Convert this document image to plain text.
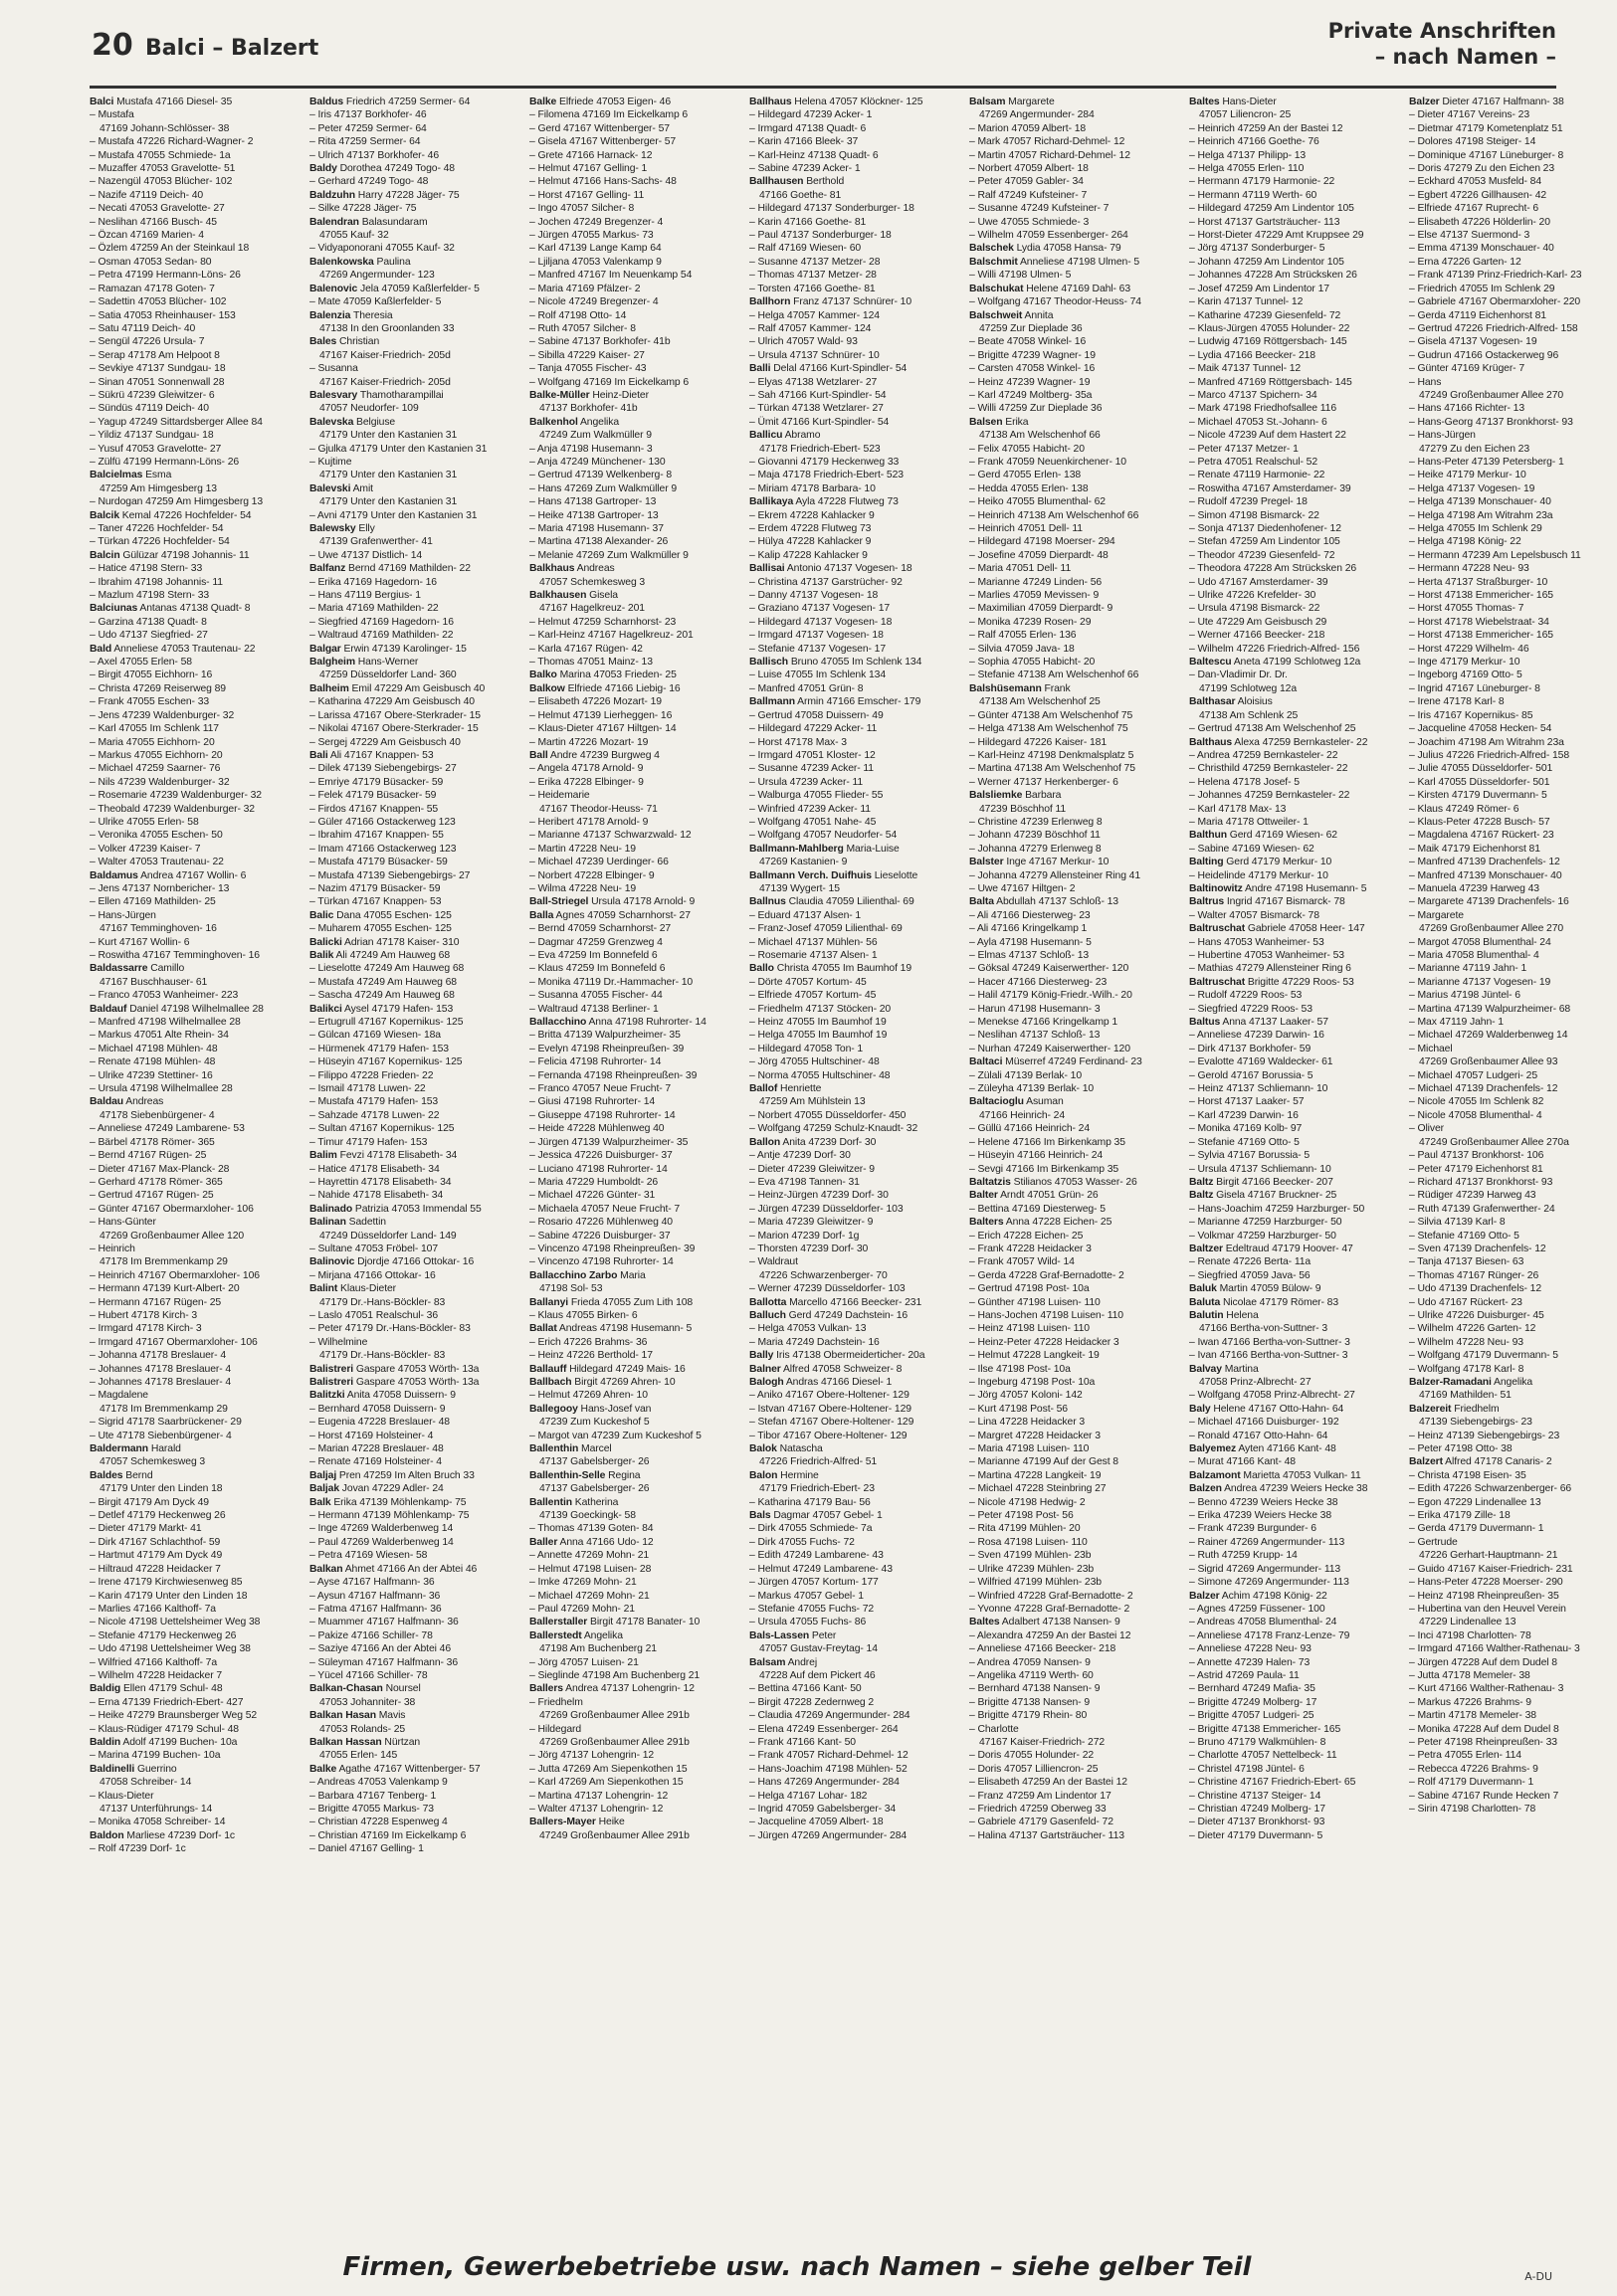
20 Balci – Balzert
Private Anschriften
– nach Namen –
Balci Mustafa 47166 Diesel- 35
– Mustafa
47169 Johann-Schlösser- 38
– Mustafa 47226 Richard-Wagner- 2
– Mustafa 47055 Schmiede- 1a
– Muzaffer 47053 Gravelotte- 51
– Nazengül 47053 Blücher- 102
– Nazife 47119 Deich- 40
– Necati 47053 Gravelotte- 27
– Neslihan 47166 Busch- 45
– Özcan 47169 Marien- 4
– Özlem 47259 An der Steinkaul 18
– Osman 47053 Sedan- 80
– Petra 47199 Hermann-Löns- 26
– Ramazan 47178 Goten- 7
– Sadettin 47053 Blücher- 102
– Satia 47053 Rheinhauser- 153
– Satu 47119 Deich- 40
– Sengül 47226 Ursula- 7
– Serap 47178 Am Helpoot 8
– Sevkiye 47137 Sundgau- 18
– Sinan 47051 Sonnenwall 28
– Sükrü 47239 Gleiwitzer- 6
– Sündüs 47119 Deich- 40
– Yagup 47249 Sittardsberger Allee 84
– Yildiz 47137 Sundgau- 18
– Yusuf 47053 Gravelotte- 27
– Zülfü 47199 Hermann-Löns- 26
Balcielmas Esma
47259 Am Himgesberg 13
– Nurdogan 47259 Am Himgesberg 13
Balcik Kemal 47226 Hochfelder- 54
– Taner 47226 Hochfelder- 54
– Türkan 47226 Hochfelder- 54
Balcin Gülüzar 47198 Johannis- 11
– Hatice 47198 Stern- 33
– Ibrahim 47198 Johannis- 11
– Mazlum 47198 Stern- 33
Balciunas Antanas 47138 Quadt- 8
– Garzina 47138 Quadt- 8
– Udo 47137 Siegfried- 27
Bald Anneliese 47053 Trautenau- 22
– Axel 47055 Erlen- 58
– Birgit 47055 Eichhorn- 16
– Christa 47269 Reiserweg 89
– Frank 47055 Eschen- 33
– Jens 47239 Waldenburger- 32
– Karl 47055 Im Schlenk 117
– Maria 47055 Eichhorn- 20
– Markus 47055 Eichhorn- 20
– Michael 47259 Saarner- 76
– Nils 47239 Waldenburger- 32
– Rosemarie 47239 Waldenburger- 32
– Theobald 47239 Waldenburger- 32
– Ulrike 47055 Erlen- 58
– Veronika 47055 Eschen- 50
– Volker 47239 Kaiser- 7
– Walter 47053 Trautenau- 22
Baldamus Andrea 47167 Wollin- 6
– Jens 47137 Nornbericher- 13
– Ellen 47169 Mathilden- 25
– Hans-Jürgen
47167 Temminghoven- 16
– Kurt 47167 Wollin- 6
– Roswitha 47167 Temminghoven- 16
Baldassarre Camillo
47167 Buschhauser- 61
– Franco 47053 Wanheimer- 223
Baldauf Daniel 47198 Wilhelmallee 28
– Manfred 47198 Wilhelmallee 28
– Markus 47051 Alte Rhein- 34
– Michael 47198 Mühlen- 48
– Renate 47198 Mühlen- 48
– Ulrike 47239 Stettiner- 16
– Ursula 47198 Wilhelmallee 28
Baldau Andreas
47178 Siebenbürgener- 4
– Anneliese 47249 Lambarene- 53
– Bärbel 47178 Römer- 365
– Bernd 47167 Rügen- 25
– Dieter 47167 Max-Planck- 28
– Gerhard 47178 Römer- 365
– Gertrud 47167 Rügen- 25
– Günter 47167 Obermarxloher- 106
– Hans-Günter
47269 Großenbaumer Allee 120
– Heinrich
47178 Im Bremmenkamp 29
– Heinrich 47167 Obermarxloher- 106
– Hermann 47139 Kurt-Albert- 20
– Hermann 47167 Rügen- 25
– Hubert 47178 Kirch- 3
– Irmgard 47178 Kirch- 3
– Irmgard 47167 Obermarxloher- 106
– Johanna 47178 Breslauer- 4
– Johannes 47178 Breslauer- 4
– Johannes 47178 Breslauer- 4
– Magdalene
47178 Im Bremmenkamp 29
– Sigrid 47178 Saarbrückener- 29
– Ute 47178 Siebenbürgener- 4
Baldermann Harald
47057 Schemkesweg 3
Baldes Bernd
47179 Unter den Linden 18
– Birgit 47179 Am Dyck 49
– Detlef 47179 Heckenweg 26
– Dieter 47179 Markt- 41
– Dirk 47167 Schlachthof- 59
– Hartmut 47179 Am Dyck 49
– Hiltraud 47228 Heidacker 7
– Irene 47179 Kirchwiesenweg 85
– Karin 47179 Unter den Linden 18
– Marlies 47166 Kalthoff- 7a
– Nicole 47198 Uettelsheimer Weg 38
– Stefanie 47179 Heckenweg 26
– Udo 47198 Uettelsheimer Weg 38
– Wilfried 47166 Kalthoff- 7a
– Wilhelm 47228 Heidacker 7
Baldig Ellen 47179 Schul- 48
– Erna 47139 Friedrich-Ebert- 427
– Heike 47279 Braunsberger Weg 52
– Klaus-Rüdiger 47179 Schul- 48
Baldin Adolf 47199 Buchen- 10a
– Marina 47199 Buchen- 10a
Baldinelli Guerrino
47058 Schreiber- 14
– Klaus-Dieter
47137 Unterführungs- 14
– Monika 47058 Schreiber- 14
Baldon Marliese 47239 Dorf- 1c
– Rolf 47239 Dorf- 1c
Baldus Friedrich 47259 Sermer- 64
– Iris 47137 Borkhofer- 46
– Peter 47259 Sermer- 64
– Rita 47259 Sermer- 64
– Ulrich 47137 Borkhofer- 46
Baldy Dorothea 47249 Togo- 48
– Gerhard 47249 Togo- 48
Baldzuhn Harry 47228 Jäger- 75
– Silke 47228 Jäger- 75
Balendran Balasundaram
47055 Kauf- 32
– Vidyaponorani 47055 Kauf- 32
Balenkowska Paulina
47269 Angermunder- 123
Balenovic Jela 47059 Kaßlerfelder- 5
– Mate 47059 Kaßlerfelder- 5
Balenzia Theresia
47138 In den Groonlanden 33
Bales Christian
47167 Kaiser-Friedrich- 205d
– Susanna
47167 Kaiser-Friedrich- 205d
Balesvary Thamotharampillai
47057 Neudorfer- 109
Balevska Belgiuse
47179 Unter den Kastanien 31
– Gjulka 47179 Unter den Kastanien 31
– Kujtime
47179 Unter den Kastanien 31
Balevski Amit
47179 Unter den Kastanien 31
– Avni 47179 Unter den Kastanien 31
Balewsky Elly
47139 Grafenwerther- 41
– Uwe 47137 Distlich- 14
Balfanz Bernd 47169 Mathilden- 22
– Erika 47169 Hagedorn- 16
– Hans 47119 Bergius- 1
– Maria 47169 Mathilden- 22
– Siegfried 47169 Hagedorn- 16
– Waltraud 47169 Mathilden- 22
Balgar Erwin 47139 Karolinger- 15
Balgheim Hans-Werner
47259 Düsseldorfer Land- 360
Balheim Emil 47229 Am Geisbusch 40
– Katharina 47229 Am Geisbusch 40
– Larissa 47167 Obere-Sterkrader- 15
– Nikolai 47167 Obere-Sterkrader- 15
– Sergej 47229 Am Geisbusch 40
Bali Ali 47167 Knappen- 53
– Dilek 47139 Siebengebirgs- 27
– Emriye 47179 Büsacker- 59
– Felek 47179 Büsacker- 59
– Firdos 47167 Knappen- 55
– Güler 47166 Ostackerweg 123
– Ibrahim 47167 Knappen- 55
– Imam 47166 Ostackerweg 123
– Mustafa 47179 Büsacker- 59
– Mustafa 47139 Siebengebirgs- 27
– Nazim 47179 Büsacker- 59
– Türkan 47167 Knappen- 53
Balic Dana 47055 Eschen- 125
– Muharem 47055 Eschen- 125
Balicki Adrian 47178 Kaiser- 310
Balik Ali 47249 Am Hauweg 68
– Lieselotte 47249 Am Hauweg 68
– Mustafa 47249 Am Hauweg 68
– Sascha 47249 Am Hauweg 68
Balikci Aysel 47179 Hafen- 153
– Ertugrull 47167 Kopernikus- 125
– Gülcan 47169 Wiesen- 18a
– Hürmenek 47179 Hafen- 153
– Hüseyin 47167 Kopernikus- 125
– Filippo 47228 Frieden- 22
– Ismail 47178 Luwen- 22
– Mustafa 47179 Hafen- 153
– Sahzade 47178 Luwen- 22
– Sultan 47167 Kopernikus- 125
– Timur 47179 Hafen- 153
Balim Fevzi 47178 Elisabeth- 34
– Hatice 47178 Elisabeth- 34
– Hayrettin 47178 Elisabeth- 34
– Nahide 47178 Elisabeth- 34
Balinado Patrizia 47053 Immendal 55
Balinan Sadettin
47249 Düsseldorfer Land- 149
– Sultane 47053 Fröbel- 107
Balinovic Djordje 47166 Ottokar- 16
– Mirjana 47166 Ottokar- 16
Balint Klaus-Dieter
47179 Dr.-Hans-Böckler- 83
– Laslo 47051 Realschul- 36
– Peter 47179 Dr.-Hans-Böckler- 83
– Wilhelmine
47179 Dr.-Hans-Böckler- 83
Balistreri Gaspare 47053 Wörth- 13a
Balistreri Gaspare 47053 Wörth- 13a
Balitzki Anita 47058 Duissern- 9
– Bernhard 47058 Duissern- 9
– Eugenia 47228 Breslauer- 48
– Horst 47169 Holsteiner- 4
– Marian 47228 Breslauer- 48
– Renate 47169 Holsteiner- 4
Baljaj Pren 47259 Im Alten Bruch 33
Baljak Jovan 47229 Adler- 24
Balk Erika 47139 Möhlenkamp- 75
– Hermann 47139 Möhlenkamp- 75
– Inge 47269 Walderbenweg 14
– Paul 47269 Walderbenweg 14
– Petra 47169 Wiesen- 58
Balkan Ahmet 47166 An der Abtei 46
– Ayse 47167 Halfmann- 36
– Aysun 47167 Halfmann- 36
– Fatma 47167 Halfmann- 36
– Muammer 47167 Halfmann- 36
– Pakize 47166 Schiller- 78
– Saziye 47166 An der Abtei 46
– Süleyman 47167 Halfmann- 36
– Yücel 47166 Schiller- 78
Balkan-Chasan Noursel
47053 Johanniter- 38
Balkan Hasan Mavis
47053 Rolands- 25
Balkan Hassan Nürtzan
47055 Erlen- 145
Balke Agathe 47167 Wittenberger- 57
– Andreas 47053 Valenkamp 9
– Barbara 47167 Tenberg- 1
– Brigitte 47055 Markus- 73
– Christian 47228 Espenweg 4
– Christian 47169 Im Eickelkamp 6
– Daniel 47167 Gelling- 1
Balke Elfriede 47053 Eigen- 46
– Filomena 47169 Im Eickelkamp 6
– Gerd 47167 Wittenberger- 57
– Gisela 47167 Wittenberger- 57
– Grete 47166 Harnack- 12
– Helmut 47167 Gelling- 1
– Helmut 47166 Hans-Sachs- 48
– Horst 47167 Gelling- 11
– Ingo 47057 Silcher- 8
– Jochen 47249 Bregenzer- 4
– Jürgen 47055 Markus- 73
– Karl 47139 Lange Kamp 64
– Ljiljana 47053 Valenkamp 9
– Manfred 47167 Im Neuenkamp 54
– Maria 47169 Pfälzer- 2
– Nicole 47249 Bregenzer- 4
– Rolf 47198 Otto- 14
– Ruth 47057 Silcher- 8
– Sabine 47137 Borkhofer- 41b
– Sibilla 47229 Kaiser- 27
– Tanja 47055 Fischer- 43
– Wolfgang 47169 Im Eickelkamp 6
Balke-Müller Heinz-Dieter
47137 Borkhofer- 41b
Balkenhol Angelika
47249 Zum Walkmüller 9
– Anja 47198 Husemann- 3
– Anja 47249 Münchener- 130
– Gertrud 47139 Welkenberg- 8
– Hans 47269 Zum Walkmüller 9
– Hans 47138 Gartroper- 13
– Heike 47138 Gartroper- 13
– Maria 47198 Husemann- 37
– Martina 47138 Alexander- 26
– Melanie 47269 Zum Walkmüller 9
Balkhaus Andreas
47057 Schemkesweg 3
Balkhausen Gisela
47167 Hagelkreuz- 201
– Helmut 47259 Scharnhorst- 23
– Karl-Heinz 47167 Hagelkreuz- 201
– Karla 47167 Rügen- 42
– Thomas 47051 Mainz- 13
Balko Marina 47053 Frieden- 25
Balkow Elfriede 47166 Liebig- 16
– Elisabeth 47226 Mozart- 19
– Helmut 47139 Lierheggen- 16
– Klaus-Dieter 47167 Hiltgen- 14
– Martin 47226 Mozart- 19
Ball Andre 47239 Burgweg 4
– Angela 47178 Arnold- 9
– Erika 47228 Elbinger- 9
– Heidemarie
47167 Theodor-Heuss- 71
– Heribert 47178 Arnold- 9
– Marianne 47137 Schwarzwald- 12
– Martin 47228 Neu- 19
– Michael 47239 Uerdinger- 66
– Norbert 47228 Elbinger- 9
– Wilma 47228 Neu- 19
Ball-Striegel Ursula 47178 Arnold- 9
Balla Agnes 47059 Scharnhorst- 27
– Bernd 47059 Scharnhorst- 27
– Dagmar 47259 Grenzweg 4
– Eva 47259 Im Bonnefeld 6
– Klaus 47259 Im Bonnefeld 6
– Monika 47119 Dr.-Hammacher- 10
– Susanna 47055 Fischer- 44
– Waltraud 47138 Berliner- 1
Ballacchino Anna 47198 Ruhrorter- 14
– Britta 47139 Walpurzheimer- 35
– Evelyn 47198 Rheinpreußen- 39
– Felicia 47198 Ruhrorter- 14
– Fernanda 47198 Rheinpreußen- 39
– Franco 47057 Neue Frucht- 7
– Giusi 47198 Ruhrorter- 14
– Giuseppe 47198 Ruhrorter- 14
– Heide 47228 Mühlenweg 40
– Jürgen 47139 Walpurzheimer- 35
– Jessica 47226 Duisburger- 37
– Luciano 47198 Ruhrorter- 14
– Maria 47229 Humboldt- 26
– Michael 47226 Günter- 31
– Michaela 47057 Neue Frucht- 7
– Rosario 47226 Mühlenweg 40
– Sabine 47226 Duisburger- 37
– Vincenzo 47198 Rheinpreußen- 39
– Vincenzo 47198 Ruhrorter- 14
Ballacchino Zarbo Maria
47198 Sol- 53
Ballanyi Frieda 47055 Zum Lith 108
– Klaus 47055 Birken- 6
Ballat Andreas 47198 Husemann- 5
– Erich 47226 Brahms- 36
– Heinz 47226 Berthold- 17
Ballauff Hildegard 47249 Mais- 16
Ballbach Birgit 47269 Ahren- 10
– Helmut 47269 Ahren- 10
Ballegooy Hans-Josef van
47239 Zum Kuckeshof 5
– Margot van 47239 Zum Kuckeshof 5
Ballenthin Marcel
47137 Gabelsberger- 26
Ballenthin-Selle Regina
47137 Gabelsberger- 26
Ballentin Katherina
47139 Goeckingk- 58
– Thomas 47139 Goten- 84
Baller Anna 47166 Udo- 12
– Annette 47269 Mohn- 21
– Helmut 47198 Luisen- 28
– Imke 47269 Mohn- 21
– Michael 47269 Mohn- 21
– Paul 47269 Mohn- 21
Ballerstaller Birgit 47178 Banater- 10
Ballerstedt Angelika
47198 Am Buchenberg 21
– Jörg 47057 Luisen- 21
– Sieglinde 47198 Am Buchenberg 21
Ballers Andrea 47137 Lohengrin- 12
– Friedhelm
47269 Großenbaumer Allee 291b
– Hildegard
47269 Großenbaumer Allee 291b
– Jörg 47137 Lohengrin- 12
– Jutta 47269 Am Siepenkothen 15
– Karl 47269 Am Siepenkothen 15
– Martina 47137 Lohengrin- 12
– Walter 47137 Lohengrin- 12
Ballers-Mayer Heike
47249 Großenbaumer Allee 291b
Ballhaus Helena 47057 Klöckner- 125
– Hildegard 47239 Acker- 1
– Irmgard 47138 Quadt- 6
– Karin 47166 Bleek- 37
– Karl-Heinz 47138 Quadt- 6
– Sabine 47239 Acker- 1
Ballhausen Berthold
47166 Goethe- 81
– Hildegard 47137 Sonderburger- 18
– Karin 47166 Goethe- 81
– Paul 47137 Sonderburger- 18
– Ralf 47169 Wiesen- 60
– Susanne 47137 Metzer- 28
– Thomas 47137 Metzer- 28
– Torsten 47166 Goethe- 81
Ballhorn Franz 47137 Schnürer- 10
– Helga 47057 Kammer- 124
– Ralf 47057 Kammer- 124
– Ulrich 47057 Wald- 93
– Ursula 47137 Schnürer- 10
Balli Delal 47166 Kurt-Spindler- 54
– Elyas 47138 Wetzlarer- 27
– Sah 47166 Kurt-Spindler- 54
– Türkan 47138 Wetzlarer- 27
– Ümit 47166 Kurt-Spindler- 54
Ballicu Abramo
47178 Friedrich-Ebert- 523
– Giovanni 47179 Heckenweg 33
– Maja 47178 Friedrich-Ebert- 523
– Miriam 47178 Barbara- 10
Ballikaya Ayla 47228 Flutweg 73
– Ekrem 47228 Kahlacker 9
– Erdem 47228 Flutweg 73
– Hülya 47228 Kahlacker 9
– Kalip 47228 Kahlacker 9
Ballisai Antonio 47137 Vogesen- 18
– Christina 47137 Garstrücher- 92
– Danny 47137 Vogesen- 18
– Graziano 47137 Vogesen- 17
– Hildegard 47137 Vogesen- 18
– Irmgard 47137 Vogesen- 18
– Stefanie 47137 Vogesen- 17
Ballisch Bruno 47055 Im Schlenk 134
– Luise 47055 Im Schlenk 134
– Manfred 47051 Grün- 8
Ballmann Armin 47166 Emscher- 179
– Gertrud 47058 Duissern- 49
– Hildegard 47229 Acker- 11
– Horst 47178 Max- 3
– Irmgard 47051 Kloster- 12
– Susanne 47239 Acker- 11
– Ursula 47239 Acker- 11
– Walburga 47055 Flieder- 55
– Winfried 47239 Acker- 11
– Wolfgang 47051 Nahe- 45
– Wolfgang 47057 Neudorfer- 54
Ballmann-Mahlberg Maria-Luise
47269 Kastanien- 9
Ballmann Verch. Duifhuis Lieselotte
47139 Wygert- 15
Ballnus Claudia 47059 Lilienthal- 69
– Eduard 47137 Alsen- 1
– Franz-Josef 47059 Lilienthal- 69
– Michael 47137 Mühlen- 56
– Rosemarie 47137 Alsen- 1
Ballo Christa 47055 Im Baumhof 19
– Dörte 47057 Kortum- 45
– Elfriede 47057 Kortum- 45
– Friedhelm 47137 Stöcken- 20
– Heinz 47055 Im Baumhof 19
– Helga 47055 Im Baumhof 19
– Hildegard 47058 Ton- 1
– Jörg 47055 Hultschiner- 48
– Norma 47055 Hultschiner- 48
Ballof Henriette
47259 Am Mühlstein 13
– Norbert 47055 Düsseldorfer- 450
– Wolfgang 47259 Schulz-Knaudt- 32
Ballon Anita 47239 Dorf- 30
– Antje 47239 Dorf- 30
– Dieter 47239 Gleiwitzer- 9
– Eva 47198 Tannen- 31
– Heinz-Jürgen 47239 Dorf- 30
– Jürgen 47239 Düsseldorfer- 103
– Maria 47239 Gleiwitzer- 9
– Marion 47239 Dorf- 1g
– Thorsten 47239 Dorf- 30
– Waldraut
47226 Schwarzenberger- 70
– Werner 47239 Düsseldorfer- 103
Ballotta Marcello 47166 Beecker- 231
Balluch Gerd 47249 Dachstein- 16
– Helga 47053 Vulkan- 13
– Maria 47249 Dachstein- 16
Bally Iris 47138 Obermeiderticher- 20a
Balner Alfred 47058 Schweizer- 8
Balogh Andras 47166 Diesel- 1
– Aniko 47167 Obere-Holtener- 129
– Istvan 47167 Obere-Holtener- 129
– Stefan 47167 Obere-Holtener- 129
– Tibor 47167 Obere-Holtener- 129
Balok Natascha
47226 Friedrich-Alfred- 51
Balon Hermine
47179 Friedrich-Ebert- 23
– Katharina 47179 Bau- 56
Bals Dagmar 47057 Gebel- 1
– Dirk 47055 Schmiede- 7a
– Dirk 47055 Fuchs- 72
– Edith 47249 Lambarene- 43
– Helmut 47249 Lambarene- 43
– Jürgen 47057 Kortum- 177
– Markus 47057 Gebel- 1
– Stefanie 47055 Fuchs- 72
– Ursula 47055 Fuchs- 86
Bals-Lassen Peter
47057 Gustav-Freytag- 14
Balsam Andrej
47228 Auf dem Pickert 46
– Bettina 47166 Kant- 50
– Birgit 47228 Zedernweg 2
– Claudia 47269 Angermunder- 284
– Elena 47249 Essenberger- 264
– Frank 47166 Kant- 50
– Frank 47057 Richard-Dehmel- 12
– Hans-Joachim 47198 Mühlen- 52
– Hans 47269 Angermunder- 284
– Helga 47167 Lohar- 182
– Ingrid 47059 Gabelsberger- 34
– Jacqueline 47059 Albert- 18
– Jürgen 47269 Angermunder- 284
Balsam Margarete
47269 Angermunder- 284
– Marion 47059 Albert- 18
– Mark 47057 Richard-Dehmel- 12
– Martin 47057 Richard-Dehmel- 12
– Norbert 47059 Albert- 18
– Peter 47059 Gabler- 34
– Ralf 47249 Kufsteiner- 7
– Susanne 47249 Kufsteiner- 7
– Uwe 47055 Schmiede- 3
– Wilhelm 47059 Essenberger- 264
Balschek Lydia 47058 Hansa- 79
Balschmit Anneliese 47198 Ulmen- 5
– Willi 47198 Ulmen- 5
Balschukat Helene 47169 Dahl- 63
– Wolfgang 47167 Theodor-Heuss- 74
Balschweit Annita
47259 Zur Dieplade 36
– Beate 47058 Winkel- 16
– Brigitte 47239 Wagner- 19
– Carsten 47058 Winkel- 16
– Heinz 47239 Wagner- 19
– Karl 47249 Moltberg- 35a
– Willi 47259 Zur Dieplade 36
Balsen Erika
47138 Am Welschenhof 66
– Felix 47055 Habicht- 20
– Frank 47059 Neuenkirchener- 10
– Gerd 47055 Erlen- 138
– Hedda 47055 Erlen- 138
– Heiko 47055 Blumenthal- 62
– Heinrich 47138 Am Welschenhof 66
– Heinrich 47051 Dell- 11
– Hildegard 47198 Moerser- 294
– Josefine 47059 Dierpardt- 48
– Maria 47051 Dell- 11
– Marianne 47249 Linden- 56
– Marlies 47059 Mevissen- 9
– Maximilian 47059 Dierpardt- 9
– Monika 47239 Rosen- 29
– Ralf 47055 Erlen- 136
– Silvia 47059 Java- 18
– Sophia 47055 Habicht- 20
– Stefanie 47138 Am Welschenhof 66
Balshüsemann Frank
47138 Am Welschenhof 25
– Günter 47138 Am Welschenhof 75
– Helga 47138 Am Welschenhof 75
– Hildegard 47226 Kaiser- 181
– Karl-Heinz 47198 Denkmalsplatz 5
– Martina 47138 Am Welschenhof 75
– Werner 47137 Herkenberger- 6
Balsliemke Barbara
47239 Böschhof 11
– Christine 47239 Erlenweg 8
– Johann 47239 Böschhof 11
– Johanna 47279 Erlenweg 8
Balster Inge 47167 Merkur- 10
– Johanna 47279 Allensteiner Ring 41
– Uwe 47167 Hiltgen- 2
Balta Abdullah 47137 Schloß- 13
– Ali 47166 Diesterweg- 23
– Ali 47166 Kringelkamp 1
– Ayla 47198 Husemann- 5
– Elmas 47137 Schloß- 13
– Göksal 47249 Kaiserwerther- 120
– Hacer 47166 Diesterweg- 23
– Halil 47179 König-Friedr.-Wilh.- 20
– Harun 47198 Husemann- 3
– Menekse 47166 Kringelkamp 1
– Neslihan 47137 Schloß- 13
– Nurhan 47249 Kaiserwerther- 120
Baltaci Müserref 47249 Ferdinand- 23
– Zülali 47139 Berlak- 10
– Züleyha 47139 Berlak- 10
Baltacioglu Asuman
47166 Heinrich- 24
– Güllü 47166 Heinrich- 24
– Helene 47166 Im Birkenkamp 35
– Hüseyin 47166 Heinrich- 24
– Sevgi 47166 Im Birkenkamp 35
Baltatzis Stilianos 47053 Wasser- 26
Balter Arndt 47051 Grün- 26
– Bettina 47169 Diesterweg- 5
Balters Anna 47228 Eichen- 25
– Erich 47228 Eichen- 25
– Frank 47228 Heidacker 3
– Frank 47057 Wild- 14
– Gerda 47228 Graf-Bernadotte- 2
– Gertrud 47198 Post- 10a
– Günther 47198 Luisen- 110
– Hans-Jochen 47198 Luisen- 110
– Heinz 47198 Luisen- 110
– Heinz-Peter 47228 Heidacker 3
– Helmut 47228 Langkeit- 19
– Ilse 47198 Post- 10a
– Ingeburg 47198 Post- 10a
– Jörg 47057 Koloni- 142
– Kurt 47198 Post- 56
– Lina 47228 Heidacker 3
– Margret 47228 Heidacker 3
– Maria 47198 Luisen- 110
– Marianne 47199 Auf der Gest 8
– Martina 47228 Langkeit- 19
– Michael 47228 Steinbring 27
– Nicole 47198 Hedwig- 2
– Peter 47198 Post- 56
– Rita 47199 Mühlen- 20
– Rosa 47198 Luisen- 110
– Sven 47199 Mühlen- 23b
– Ulrike 47239 Mühlen- 23b
– Wilfried 47199 Mühlen- 23b
– Winfried 47228 Graf-Bernadotte- 2
– Yvonne 47228 Graf-Bernadotte- 2
Baltes Adalbert 47138 Nansen- 9
– Alexandra 47259 An der Bastei 12
– Anneliese 47166 Beecker- 218
– Andrea 47059 Nansen- 9
– Angelika 47119 Werth- 60
– Bernhard 47138 Nansen- 9
– Brigitte 47138 Nansen- 9
– Brigitte 47179 Rhein- 80
– Charlotte
47167 Kaiser-Friedrich- 272
– Doris 47055 Holunder- 22
– Doris 47057 Lilliencron- 25
– Elisabeth 47259 An der Bastei 12
– Franz 47259 Am Lindentor 17
– Friedrich 47259 Oberweg 33
– Gabriele 47179 Gasenfeld- 72
– Halina 47137 Gartsträucher- 113
Baltes Hans-Dieter
47057 Liliencron- 25
– Heinrich 47259 An der Bastei 12
– Heinrich 47166 Goethe- 76
– Helga 47137 Philipp- 13
– Helga 47055 Erlen- 110
– Hermann 47179 Harmonie- 22
– Hermann 47119 Werth- 60
– Hildegard 47259 Am Lindentor 105
– Horst 47137 Gartsträucher- 113
– Horst-Dieter 47229 Amt Kruppsee 29
– Jörg 47137 Sonderburger- 5
– Johann 47259 Am Lindentor 105
– Johannes 47228 Am Strücksken 26
– Josef 47259 Am Lindentor 17
– Karin 47137 Tunnel- 12
– Katharine 47239 Giesenfeld- 72
– Klaus-Jürgen 47055 Holunder- 22
– Ludwig 47169 Röttgersbach- 145
– Lydia 47166 Beecker- 218
– Maik 47137 Tunnel- 12
– Manfred 47169 Röttgersbach- 145
– Marco 47137 Spichern- 34
– Mark 47198 Friedhofsallee 116
– Michael 47053 St.-Johann- 6
– Nicole 47239 Auf dem Hastert 22
– Peter 47137 Metzer- 1
– Petra 47051 Realschul- 52
– Renate 47119 Harmonie- 22
– Roswitha 47167 Amsterdamer- 39
– Rudolf 47239 Pregel- 18
– Simon 47198 Bismarck- 22
– Sonja 47137 Diedenhofener- 12
– Stefan 47259 Am Lindentor 105
– Theodor 47239 Giesenfeld- 72
– Theodora 47228 Am Strücksken 26
– Udo 47167 Amsterdamer- 39
– Ulrike 47226 Krefelder- 30
– Ursula 47198 Bismarck- 22
– Ute 47229 Am Geisbusch 29
– Werner 47166 Beecker- 218
– Wilhelm 47226 Friedrich-Alfred- 156
Baltescu Aneta 47199 Schlotweg 12a
– Dan-Vladimir Dr. Dr.
47199 Schlotweg 12a
Balthasar Aloisius
47138 Am Schlenk 25
– Gertrud 47138 Am Welschenhof 25
Balthaus Alexa 47259 Bernkasteler- 22
– Andrea 47259 Bernkasteler- 22
– Christhild 47259 Bernkasteler- 22
– Helena 47178 Josef- 5
– Johannes 47259 Bernkasteler- 22
– Karl 47178 Max- 13
– Maria 47178 Ottweiler- 1
Balthun Gerd 47169 Wiesen- 62
– Sabine 47169 Wiesen- 62
Balting Gerd 47179 Merkur- 10
– Heidelinde 47179 Merkur- 10
Baltinowitz Andre 47198 Husemann- 5
Baltrus Ingrid 47167 Bismarck- 78
– Walter 47057 Bismarck- 78
Baltruschat Gabriele 47058 Heer- 147
– Hans 47053 Wanheimer- 53
– Hubertine 47053 Wanheimer- 53
– Mathias 47279 Allensteiner Ring 6
Baltruschat Brigitte 47229 Roos- 53
– Rudolf 47229 Roos- 53
– Siegfried 47229 Roos- 53
Baltus Anna 47137 Laaker- 57
– Anneliese 47239 Darwin- 16
– Dirk 47137 Borkhofer- 59
– Evalotte 47169 Waldecker- 61
– Gerold 47167 Borussia- 5
– Heinz 47137 Schliemann- 10
– Horst 47137 Laaker- 57
– Karl 47239 Darwin- 16
– Monika 47169 Kolb- 97
– Stefanie 47169 Otto- 5
– Sylvia 47167 Borussia- 5
– Ursula 47137 Schliemann- 10
Baltz Birgit 47166 Beecker- 207
Baltz Gisela 47167 Bruckner- 25
– Hans-Joachim 47259 Harzburger- 50
– Marianne 47259 Harzburger- 50
– Volkmar 47259 Harzburger- 50
Baltzer Edeltraud 47179 Hoover- 47
– Renate 47226 Berta- 11a
– Siegfried 47059 Java- 56
Baluk Martin 47059 Bülow- 9
Baluta Nicolae 47179 Römer- 83
Balutin Helena
47166 Bertha-von-Suttner- 3
– Iwan 47166 Bertha-von-Suttner- 3
– Ivan 47166 Bertha-von-Suttner- 3
Balvay Martina
47058 Prinz-Albrecht- 27
– Wolfgang 47058 Prinz-Albrecht- 27
Baly Helene 47167 Otto-Hahn- 64
– Michael 47166 Duisburger- 192
– Ronald 47167 Otto-Hahn- 64
Balyemez Ayten 47166 Kant- 48
– Murat 47166 Kant- 48
Balzamont Marietta 47053 Vulkan- 11
Balzen Andrea 47239 Weiers Hecke 38
– Benno 47239 Weiers Hecke 38
– Erika 47239 Weiers Hecke 38
– Frank 47239 Burgunder- 6
– Rainer 47269 Angermunder- 113
– Ruth 47259 Krupp- 14
– Sigrid 47269 Angermunder- 113
– Simone 47269 Angermunder- 113
Balzer Achim 47198 König- 22
– Agnes 47259 Füssener- 100
– Andreas 47058 Blumenthal- 24
– Anneliese 47178 Franz-Lenze- 79
– Anneliese 47228 Neu- 93
– Annette 47239 Halen- 73
– Astrid 47269 Paula- 11
– Bernhard 47249 Mafia- 35
– Brigitte 47249 Molberg- 17
– Brigitte 47057 Ludgeri- 25
– Brigitte 47138 Emmericher- 165
– Bruno 47179 Walkmühlen- 8
– Charlotte 47057 Nettelbeck- 11
– Christel 47198 Jüntel- 6
– Christine 47167 Friedrich-Ebert- 65
– Christine 47137 Steiger- 14
– Christian 47249 Molberg- 17
– Dieter 47137 Bronkhorst- 93
– Dieter 47179 Duvermann- 5
Balzer Dieter 47167 Halfmann- 38
– Dieter 47167 Vereins- 23
– Dietmar 47179 Kometenplatz 51
– Dolores 47198 Steiger- 14
– Dominique 47167 Lüneburger- 8
– Doris 47279 Zu den Eichen 23
– Eckhard 47053 Musfeld- 84
– Egbert 47226 Gillhausen- 42
– Elfriede 47167 Ruprecht- 6
– Elisabeth 47226 Hölderlin- 20
– Else 47137 Suermond- 3
– Emma 47139 Monschauer- 40
– Erna 47226 Garten- 12
– Frank 47139 Prinz-Friedrich-Karl- 23
– Friedrich 47055 Im Schlenk 29
– Gabriele 47167 Obermarxloher- 220
– Gerda 47119 Eichenhorst 81
– Gertrud 47226 Friedrich-Alfred- 158
– Gisela 47137 Vogesen- 19
– Gudrun 47166 Ostackerweg 96
– Günter 47169 Krüger- 7
– Hans
47249 Großenbaumer Allee 270
– Hans 47166 Richter- 13
– Hans-Georg 47137 Bronkhorst- 93
– Hans-Jürgen
47279 Zu den Eichen 23
– Hans-Peter 47139 Petersberg- 1
– Heike 47179 Merkur- 10
– Helga 47137 Vogesen- 19
– Helga 47139 Monschauer- 40
– Helga 47198 Am Witrahm 23a
– Helga 47055 Im Schlenk 29
– Helga 47198 König- 22
– Hermann 47239 Am Lepelsbusch 11
– Hermann 47228 Neu- 93
– Herta 47137 Straßburger- 10
– Horst 47138 Emmericher- 165
– Horst 47055 Thomas- 7
– Horst 47178 Wiebelstraat- 34
– Horst 47138 Emmericher- 165
– Horst 47229 Wilhelm- 46
– Inge 47179 Merkur- 10
– Ingeborg 47169 Otto- 5
– Ingrid 47167 Lüneburger- 8
– Irene 47178 Karl- 8
– Iris 47167 Kopernikus- 85
– Jacqueline 47058 Hecken- 54
– Joachim 47198 Am Witrahm 23a
– Julius 47226 Friedrich-Alfred- 158
– Julie 47055 Düsseldorfer- 501
– Karl 47055 Düsseldorfer- 501
– Kirsten 47179 Duvermann- 5
– Klaus 47249 Römer- 6
– Klaus-Peter 47228 Busch- 57
– Magdalena 47167 Rückert- 23
– Maik 47179 Eichenhorst 81
– Manfred 47139 Drachenfels- 12
– Manfred 47139 Monschauer- 40
– Manuela 47239 Harweg 43
– Margarete 47139 Drachenfels- 16
– Margarete
47269 Großenbaumer Allee 270
– Margot 47058 Blumenthal- 24
– Maria 47058 Blumenthal- 4
– Marianne 47119 Jahn- 1
– Marianne 47137 Vogesen- 19
– Marius 47198 Jüntel- 6
– Martina 47139 Walpurzheimer- 68
– Max 47119 Jahn- 1
– Michael 47269 Walderbenweg 14
– Michael
47269 Großenbaumer Allee 93
– Michael 47057 Ludgeri- 25
– Michael 47139 Drachenfels- 12
– Nicole 47055 Im Schlenk 82
– Nicole 47058 Blumenthal- 4
– Oliver
47249 Großenbaumer Allee 270a
– Paul 47137 Bronkhorst- 106
– Peter 47179 Eichenhorst 81
– Richard 47137 Bronkhorst- 93
– Rüdiger 47239 Harweg 43
– Ruth 47139 Grafenwerther- 24
– Silvia 47139 Karl- 8
– Stefanie 47169 Otto- 5
– Sven 47139 Drachenfels- 12
– Tanja 47137 Biesen- 63
– Thomas 47167 Rünger- 26
– Udo 47139 Drachenfels- 12
– Udo 47167 Rückert- 23
– Ulrike 47226 Duisburger- 45
– Wilhelm 47226 Garten- 12
– Wilhelm 47228 Neu- 93
– Wolfgang 47179 Duvermann- 5
– Wolfgang 47178 Karl- 8
Balzer-Ramadani Angelika
47169 Mathilden- 51
Balzereit Friedhelm
47139 Siebengebirgs- 23
– Heinz 47139 Siebengebirgs- 23
– Peter 47198 Otto- 38
Balzert Alfred 47178 Canaris- 2
– Christa 47198 Eisen- 35
– Edith 47226 Schwarzenberger- 66
– Egon 47229 Lindenallee 13
– Erika 47179 Zille- 18
– Gerda 47179 Duvermann- 1
– Gertrude
47226 Gerhart-Hauptmann- 21
– Guido 47167 Kaiser-Friedrich- 231
– Hans-Peter 47228 Moerser- 290
– Heinz 47198 Rheinpreußen- 35
– Hubertina van den Heuvel Verein
47229 Lindenallee 13
– Inci 47198 Charlotten- 78
– Irmgard 47166 Walther-Rathenau- 3
– Jürgen 47228 Auf dem Dudel 8
– Jutta 47178 Memeler- 38
– Kurt 47166 Walther-Rathenau- 3
– Markus 47226 Brahms- 9
– Martin 47178 Memeler- 38
– Monika 47228 Auf dem Dudel 8
– Peter 47198 Rheinpreußen- 33
– Petra 47055 Erlen- 114
– Rebecca 47226 Brahms- 9
– Rolf 47179 Duvermann- 1
– Sabine 47167 Runde Hecken 7
– Sirin 47198 Charlotten- 78
Firmen, Gewerbebetriebe usw. nach Namen – siehe gelber Teil	A-DU
